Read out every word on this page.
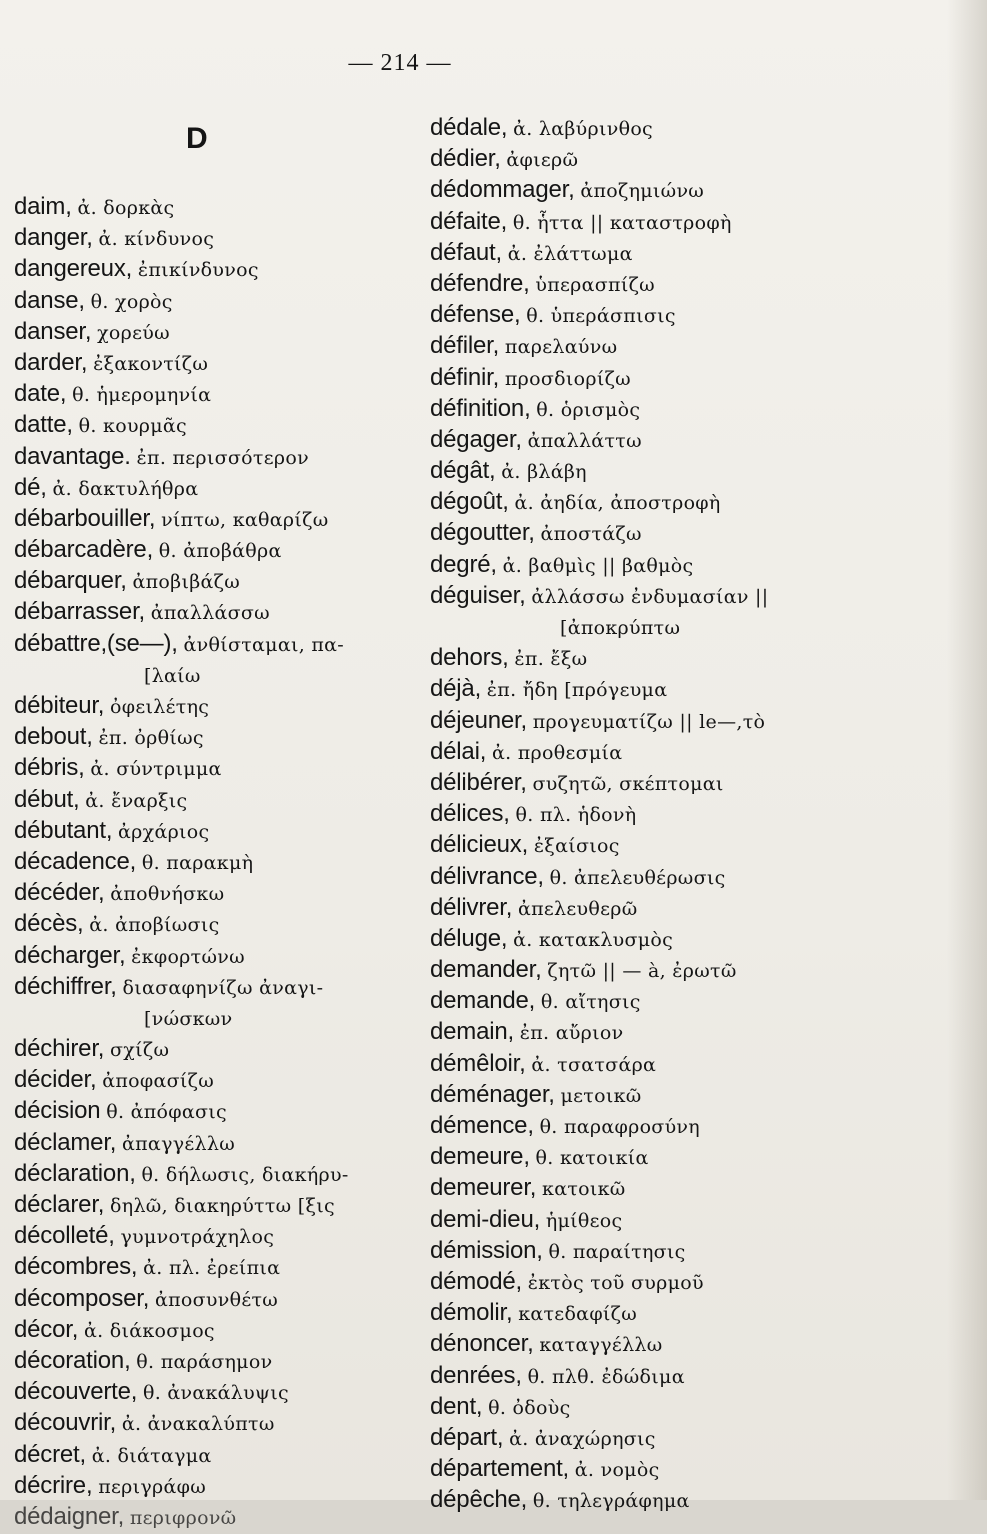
— 214 —
D
daim, ἀ. δορκὰς
danger, ἀ. κίνδυνος
dangereux, ἐπικίνδυνος
danse, θ. χορὸς
danser, χορεύω
darder, ἐξακοντίζω
date, θ. ἡμερομηνία
datte, θ. κουρμᾶς
davantage. ἐπ. περισσότερον
dé, ἀ. δακτυλήθρα
débarbouiller, νίπτω, καθαρίζω
débarcadère, θ. ἀποβάθρα
débarquer, ἀποβιβάζω
débarrasser, ἀπαλλάσσω
débattre,(se—), ἀνθίσταμαι, πα-
[λαίω
débiteur, ὀφειλέτης
debout, ἐπ. ὀρθίως
débris, ἀ. σύντριμμα
début, ἀ. ἔναρξις
débutant, ἀρχάριος
décadence, θ. παρακμὴ
décéder, ἀποθνήσκω
décès, ἀ. ἀποβίωσις
décharger, ἐκφορτώνω
déchiffrer, διασαφηνίζω ἀναγι-
[νώσκων
déchirer, σχίζω
décider, ἀποφασίζω
décision θ. ἀπόφασις
déclamer, ἀπαγγέλλω
déclaration, θ. δήλωσις, διακήρυ-
déclarer, δηλῶ, διακηρύττω [ξις
décolleté, γυμνοτράχηλος
décombres, ἀ. πλ. ἐρείπια
décomposer, ἀποσυνθέτω
décor, ἀ. διάκοσμος
décoration, θ. παράσημον
découverte, θ. ἀνακάλυψις
découvrir, ἀ. ἀνακαλύπτω
décret, ἀ. διάταγμα
décrire, περιγράφω
dédaigner, περιφρονῶ
dédale, ἀ. λαβύρινθος
dédier, ἀφιερῶ
dédommager, ἀποζημιώνω
défaite, θ. ἧττα || καταστροφὴ
défaut, ἀ. ἐλάττωμα
défendre, ὑπερασπίζω
défense, θ. ὑπεράσπισις
défiler, παρελαύνω
définir, προσδιορίζω
définition, θ. ὁρισμὸς
dégager, ἀπαλλάττω
dégât, ἀ. βλάβη
dégoût, ἀ. ἀηδία, ἀποστροφὴ
dégoutter, ἀποστάζω
degré, ἀ. βαθμὶς || βαθμὸς
déguiser, ἀλλάσσω ἐνδυμασίαν ||
[ἀποκρύπτω
dehors, ἐπ. ἔξω
déjà, ἐπ. ἤδη [πρόγευμα
déjeuner, προγευματίζω || le—,τὸ
délai, ἀ. προθεσμία
délibérer, συζητῶ, σκέπτομαι
délices, θ. πλ. ἡδονὴ
délicieux, ἐξαίσιος
délivrance, θ. ἀπελευθέρωσις
délivrer, ἀπελευθερῶ
déluge, ἀ. κατακλυσμὸς
demander, ζητῶ || — à, ἐρωτῶ
demande, θ. αἴτησις
demain, ἐπ. αὔριον
démêloir, ἀ. τσατσάρα
déménager, μετοικῶ
démence, θ. παραφροσύνη
demeure, θ. κατοικία
demeurer, κατοικῶ
demi-dieu, ἡμίθεος
démission, θ. παραίτησις
démodé, ἐκτὸς τοῦ συρμοῦ
démolir, κατεδαφίζω
dénoncer, καταγγέλλω
denrées, θ. πλθ. ἐδώδιμα
dent, θ. ὀδοὺς
départ, ἀ. ἀναχώρησις
département, ἀ. νομὸς
dépêche, θ. τηλεγράφημα
